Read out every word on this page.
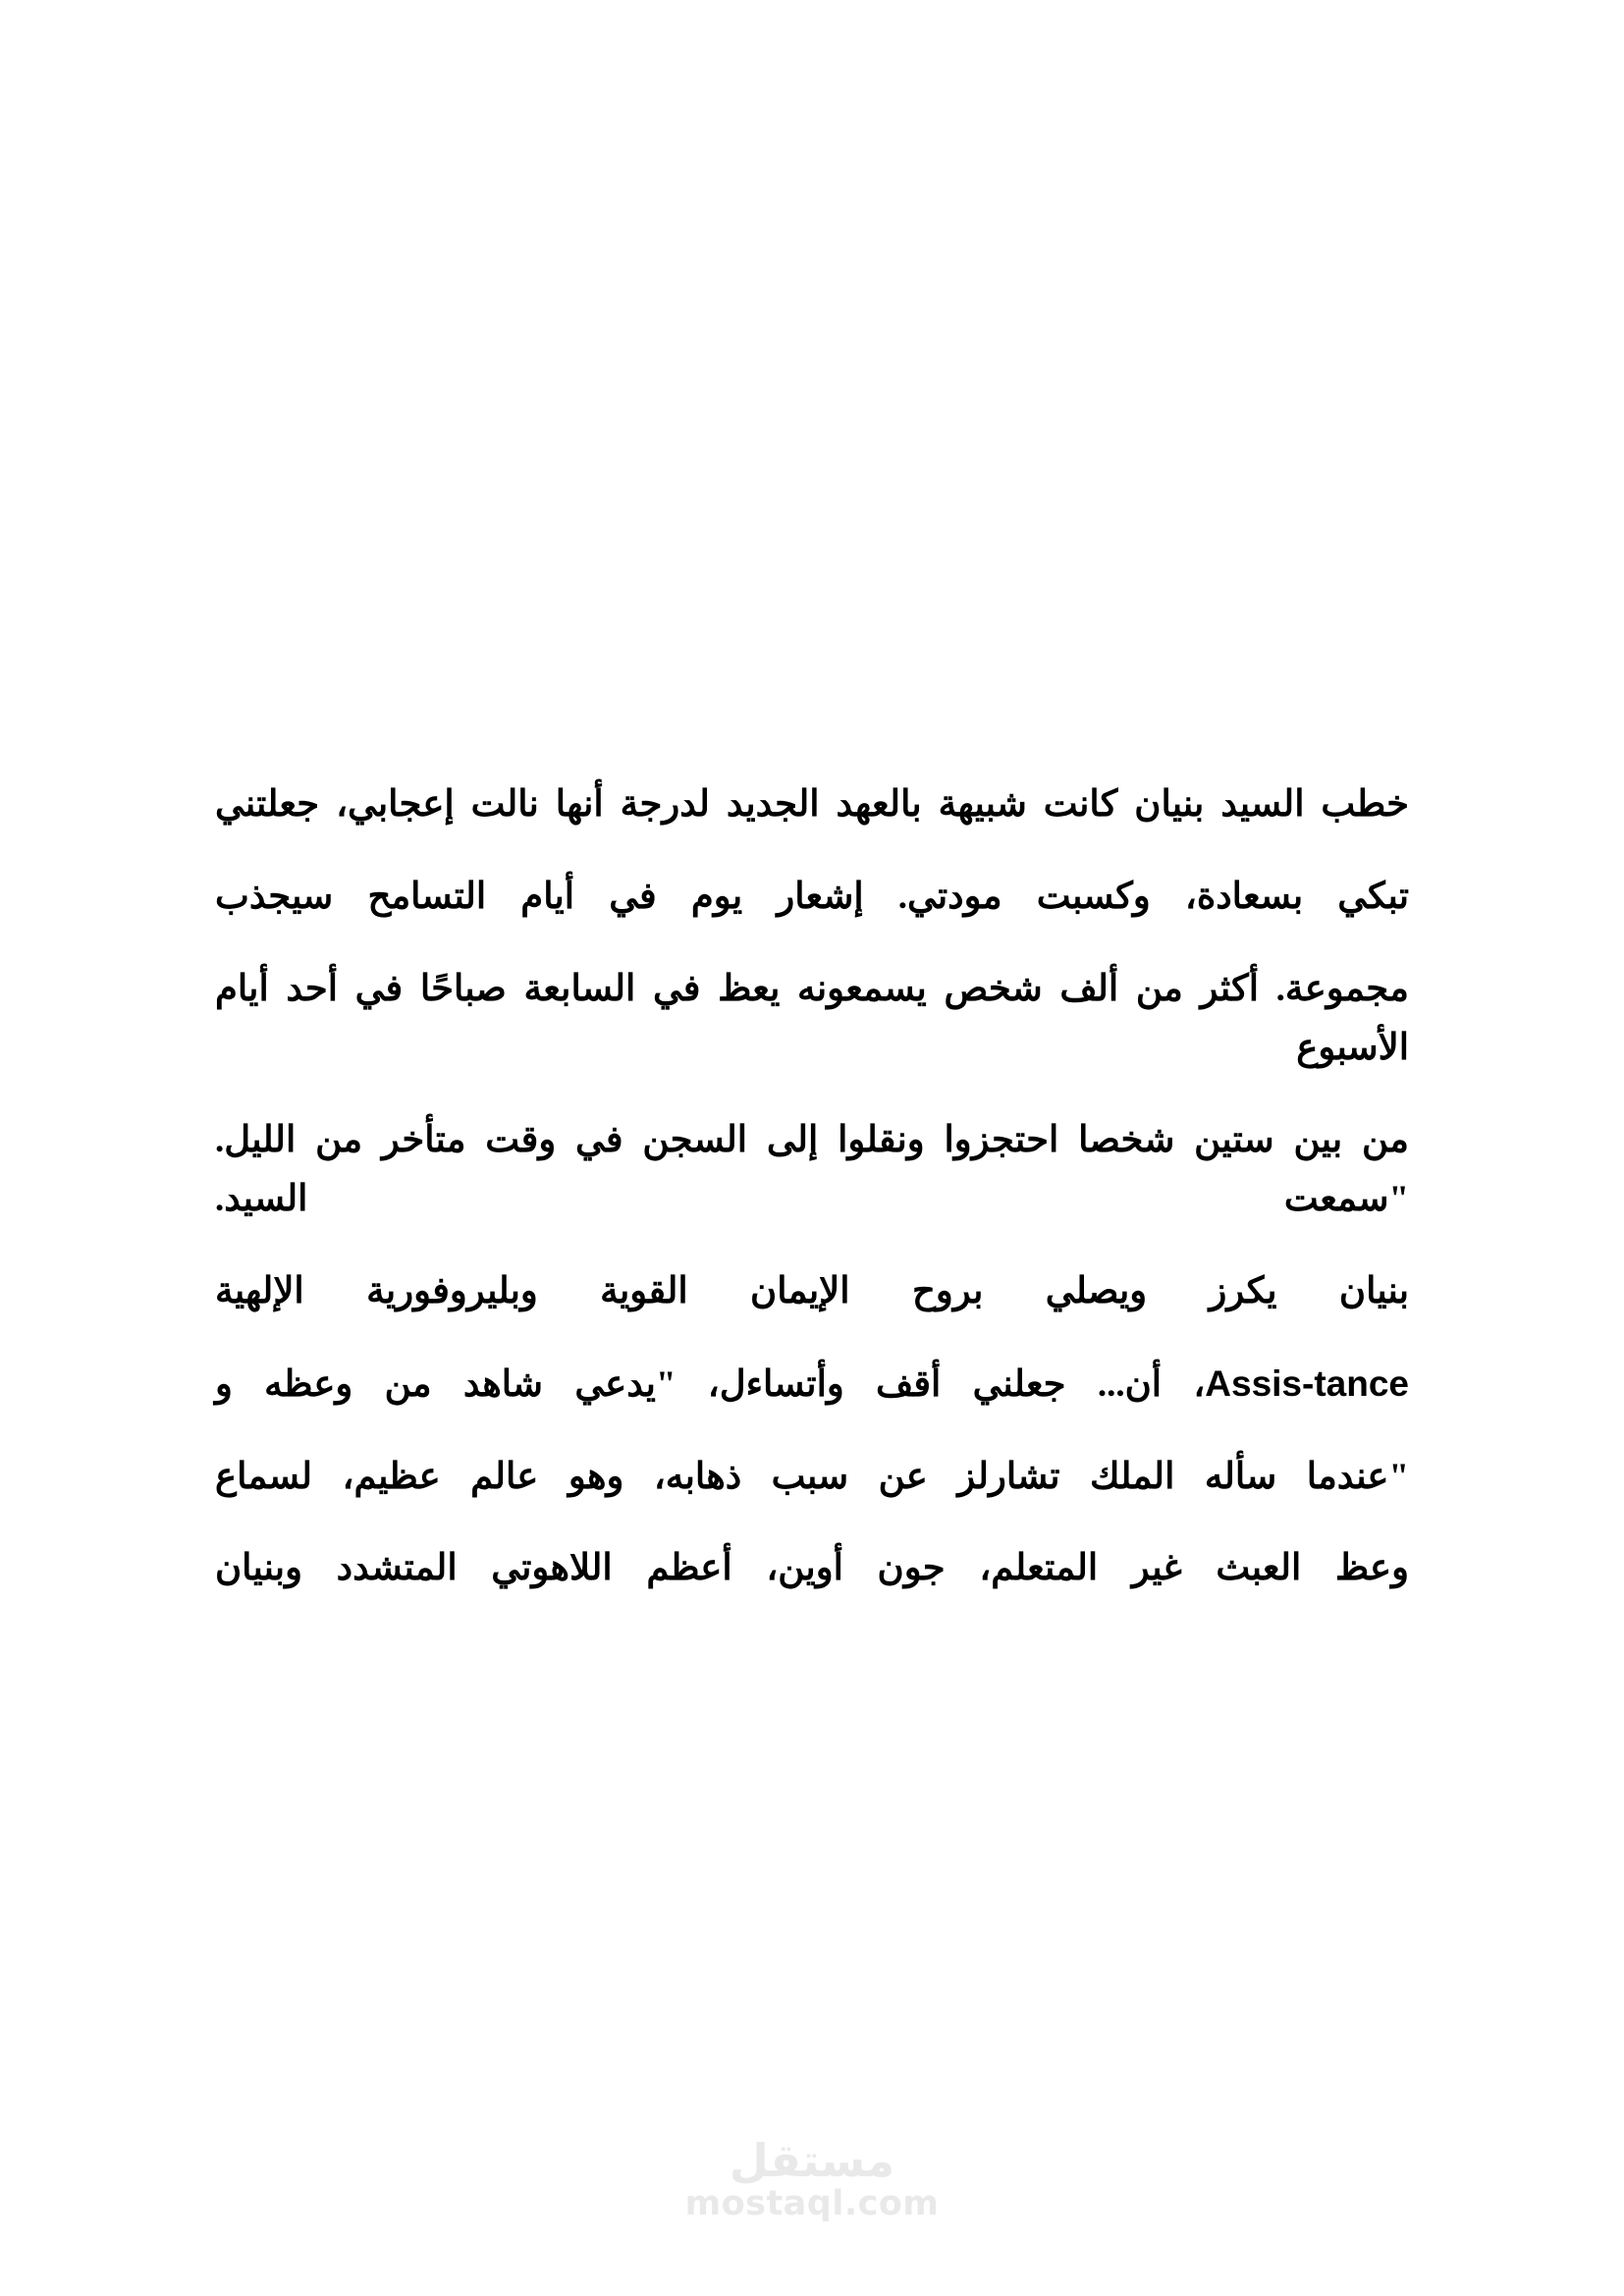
خطب السيد بنيان كانت شبيهة بالعهد الجديد لدرجة أنها نالت إعجابي، جعلتني

تبكي بسعادة، وكسبت مودتي. إشعار يوم في أيام التسامح سيجذب

مجموعة. أكثر من ألف شخص يسمعونه يعظ في السابعة صباحًا في أحد أيام الأسبوع

من بين ستين شخصا احتجزوا ونقلوا إلى السجن في وقت متأخر من الليل. "سمعت السيد.

بنيان يكرز ويصلي بروح الإيمان القوية وبليروفورية الإلهية

Assis-tance، أن... جعلني أقف وأتساءل، "يدعي شاهد من وعظه و

"عندما سأله الملك تشارلز عن سبب ذهابه، وهو عالم عظيم، لسماع

وعظ العبث غير المتعلم، جون أوين، أعظم اللاهوتي المتشدد وبنيان

مستقل
mostaql.com
